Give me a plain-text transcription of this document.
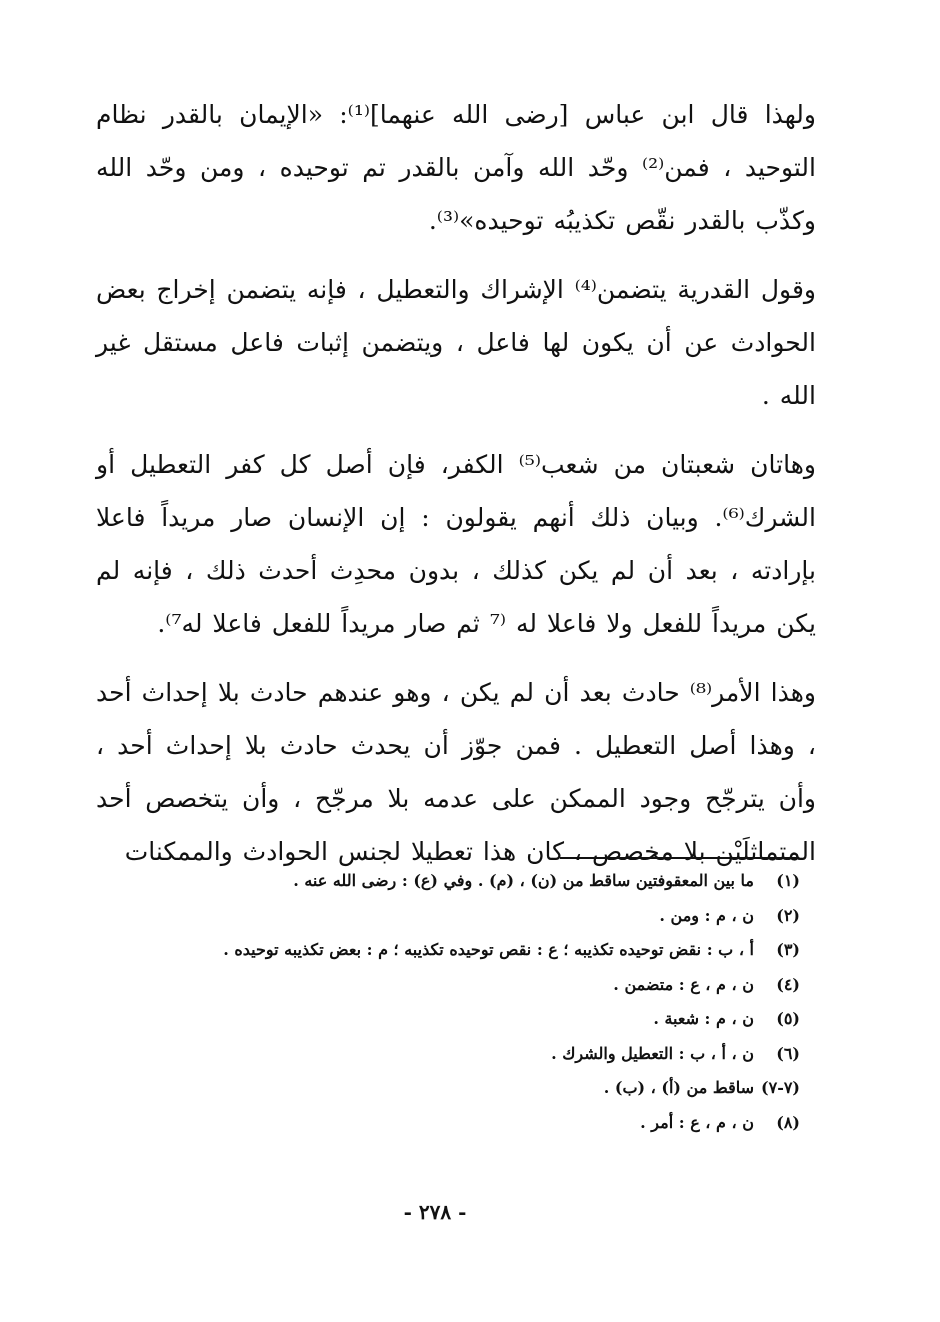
ولهذا قال ابن عباس [رضى الله عنهما]⁽¹⁾: «الإيمان بالقدر نظام التوحيد ، فمن⁽²⁾ وحّد الله وآمن بالقدر تم توحيده ، ومن وحّد الله وكذّب بالقدر نقّص تكذيبُه توحيده»⁽³⁾.

وقول القدرية يتضمن⁽⁴⁾ الإشراك والتعطيل ، فإنه يتضمن إخراج بعض الحوادث عن أن يكون لها فاعل ، ويتضمن إثبات فاعل مستقل غير الله .

وهاتان شعبتان من شعب⁽⁵⁾ الكفر، فإن أصل كل كفر التعطيل أو الشرك⁽⁶⁾. وبيان ذلك أنهم يقولون : إن الإنسان صار مريداً فاعلا بإرادته ، بعد أن لم يكن كذلك ، بدون محدِث أحدث ذلك ، فإنه لم يكن مريداً للفعل ولا فاعلا له ⁽⁷ ثم صار مريداً للفعل فاعلا له⁷⁾.

وهذا الأمر⁽⁸⁾ حادث بعد أن لم يكن ، وهو عندهم حادث بلا إحداث أحد ، وهذا أصل التعطيل . فمن جوّز أن يحدث حادث بلا إحداث أحد ، وأن يترجّح وجود الممكن على عدمه بلا مرجّح ، وأن يتخصص أحد المتماثلَيْن بلا مخصص ، كان هذا تعطيلا لجنس الحوادث والممكنات

(١)
ما بين المعقوفتين ساقط من (ن) ، (م) . وفي (ع) : رضى الله عنه .
(٢)
ن ، م : ومن .
(٣)
أ ، ب : نقض توحيده تكذيبه ؛ ع : نقص توحيده تكذيبه ؛ م : بعض تكذيبه توحيده .
(٤)
ن ، م ، ع : متضمن .
(٥)
ن ، م : شعبة .
(٦)
ن ، أ ، ب : التعطيل والشرك .
(٧-٧)
ساقط من (أ) ، (ب) .
(٨)
ن ، م ، ع : أمر .
- ٢٧٨ -
